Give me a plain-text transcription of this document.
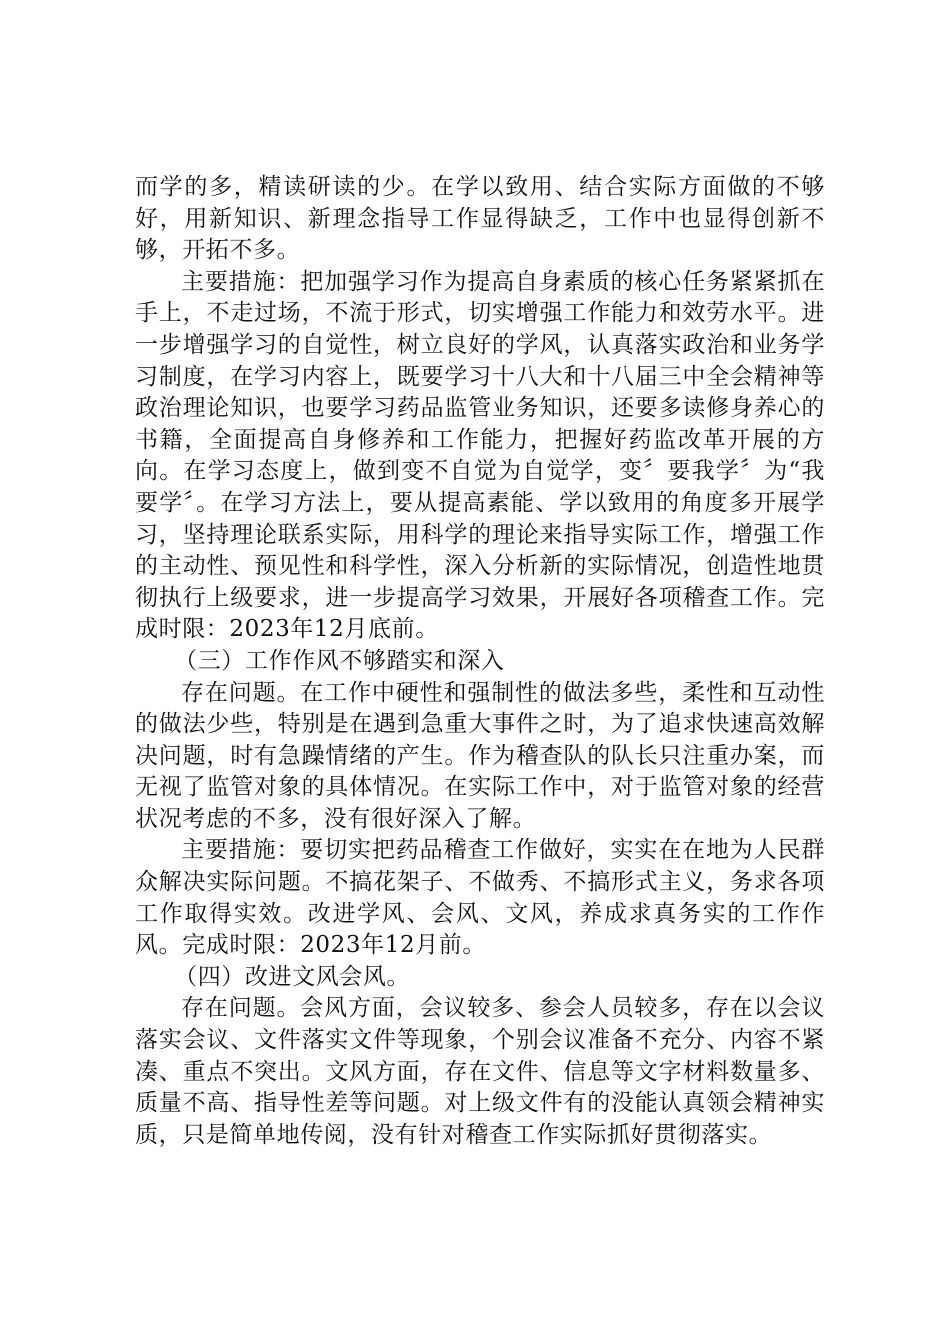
而学的多，精读研读的少。在学以致用、结合实际方面做的不够好，用新知识、新理念指导工作显得缺乏，工作中也显得创新不够，开拓不多。

主要措施：把加强学习作为提高自身素质的核心任务紧紧抓在手上，不走过场，不流于形式，切实增强工作能力和效劳水平。进一步增强学习的自觉性，树立良好的学风，认真落实政治和业务学习制度，在学习内容上，既要学习十八大和十八届三中全会精神等政治理论知识，也要学习药品监管业务知识，还要多读修身养心的书籍，全面提高自身修养和工作能力，把握好药监改革开展的方向。在学习态度上，做到变不自觉为自觉学，变〞要我学〞为“我要学〞。在学习方法上，要从提高素能、学以致用的角度多开展学习，坚持理论联系实际，用科学的理论来指导实际工作，增强工作的主动性、预见性和科学性，深入分析新的实际情况，创造性地贯彻执行上级要求，进一步提高学习效果，开展好各项稽查工作。完成时限：2023年12月底前。

（三）工作作风不够踏实和深入

存在问题。在工作中硬性和强制性的做法多些，柔性和互动性的做法少些，特别是在遇到急重大事件之时，为了追求快速高效解决问题，时有急躁情绪的产生。作为稽查队的队长只注重办案，而无视了监管对象的具体情况。在实际工作中，对于监管对象的经营状况考虑的不多，没有很好深入了解。

主要措施：要切实把药品稽查工作做好，实实在在地为人民群众解决实际问题。不搞花架子、不做秀、不搞形式主义，务求各项工作取得实效。改进学风、会风、文风，养成求真务实的工作作风。完成时限：2023年12月前。

（四）改进文风会风。

存在问题。会风方面，会议较多、参会人员较多，存在以会议落实会议、文件落实文件等现象，个别会议准备不充分、内容不紧凑、重点不突出。文风方面，存在文件、信息等文字材料数量多、质量不高、指导性差等问题。对上级文件有的没能认真领会精神实质，只是简单地传阅，没有针对稽查工作实际抓好贯彻落实。
